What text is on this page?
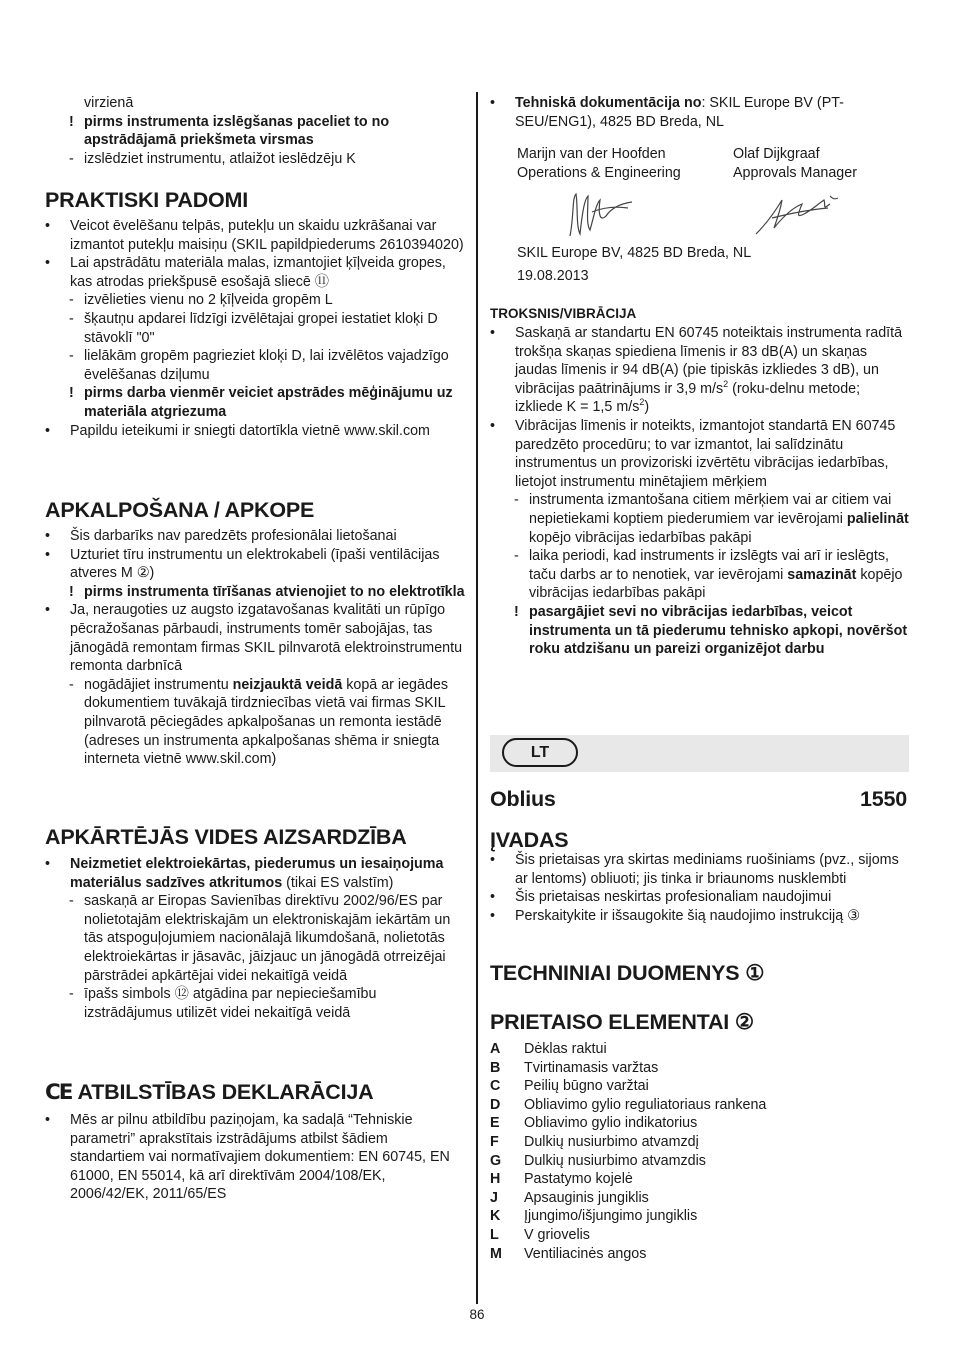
virzienā
! pirms instrumenta izslēgšanas paceliet to no apstrādājamā priekšmeta virsmas
- izslēdziet instrumentu, atlaižot ieslēdzēju K
PRAKTISKI PADOMI
• Veicot ēvelēšanu telpās, putekļu un skaidu uzkrāšanai var izmantot putekļu maisiņu (SKIL papildpiederums 2610394020)
• Lai apstrādātu materiāla malas, izmantojiet ķīļveida gropes, kas atrodas priekšpusē esošajā sliecē ⑪
- izvēlieties vienu no 2 ķīļveida gropēm L
- šķautņu apdarei līdzīgi izvēlētajai gropei iestatiet kloķi D stāvoklī "0"
- lielākām gropēm pagrieziet kloķi D, lai izvēlētos vajadzīgo ēvelēšanas dziļumu
! pirms darba vienmēr veiciet apstrādes mēģinājumu uz materiāla atgriezuma
• Papildu ieteikumi ir sniegti datortīkla vietnē www.skil.com
APKALPOŠANA / APKOPE
• Šis darbarīks nav paredzēts profesionālai lietošanai
• Uzturiet tīru instrumentu un elektrokabeli (īpaši ventilācijas atveres M ②)
! pirms instrumenta tīrīšanas atvienojiet to no elektrotīkla
• Ja, neraugoties uz augsto izgatavošanas kvalitāti un rūpīgo pēcražošanas pārbaudi, instruments tomēr sabojājas, tas jānogādā remontam firmas SKIL pilnvarotā elektroinstrumentu remonta darbnīcā
- nogādājiet instrumentu neizjauktā veidā kopā ar iegādes dokumentiem tuvākajā tirdzniecības vietā vai firmas SKIL pilnvarotā pēciegādes apkalpošanas un remonta iestādē (adreses un instrumenta apkalpošanas shēma ir sniegta interneta vietnē www.skil.com)
APKĀRTĒJĀS VIDES AIZSARDZĪBA
• Neizmetiet elektroiekārtas, piederumus un iesaiņojuma materiālus sadzīves atkritumos (tikai ES valstīm)
- saskaņā ar Eiropas Savienības direktīvu 2002/96/ES par nolietotajām elektriskajām un elektroniskajām iekārtām un tās atspoguļojumiem nacionālajā likumdošanā, nolietotās elektroiekārtas ir jāsavāc, jāizjauc un jānogādā otrreizējai pārstrādei apkārtējai videi nekaitīgā veidā
- īpašs simbols ⑫ atgādina par nepieciešamību izstrādājumus utilizēt videi nekaitīgā veidā
CE ATBILSTĪBAS DEKLARĀCIJA
• Mēs ar pilnu atbildību paziņojam, ka sadaļā “Tehniskie parametri” aprakstītais izstrādājums atbilst šādiem standartiem vai normatīvajiem dokumentiem: EN 60745, EN 61000, EN 55014, kā arī direktīvām 2004/108/EK, 2006/42/EK, 2011/65/ES
• Tehniskā dokumentācija no: SKIL Europe BV (PT-SEU/ENG1), 4825 BD Breda, NL
Marijn van der Hoofden
Operations & Engineering
Olaf Dijkgraaf
Approvals Manager
SKIL Europe BV, 4825 BD Breda, NL
19.08.2013
TROKSNIS/VIBRĀCIJA
• Saskaņā ar standartu EN 60745 noteiktais instrumenta radītā trokšņa skaņas spiediena līmenis ir 83 dB(A) un skaņas jaudas līmenis ir 94 dB(A) (pie tipiskās izkliedes 3 dB), un vibrācijas paātrinājums ir 3,9 $m/s^2$ (roku-delnu metode; izkliede K = 1,5 $m/s^2$)
• Vibrācijas līmenis ir noteikts, izmantojot standartā EN 60745 paredzēto procedūru; to var izmantot, lai salīdzinātu instrumentus un provizoriski izvērtētu vibrācijas iedarbības, lietojot instrumentu minētajiem mērķiem
- instrumenta izmantošana citiem mērķiem vai ar citiem vai nepietiekami koptiem piederumiem var ievērojami palielināt kopējo vibrācijas iedarbības pakāpi
- laika periodi, kad instruments ir izslēgts vai arī ir ieslēgts, taču darbs ar to nenotiek, var ievērojami samazināt kopējo vibrācijas iedarbības pakāpi
! pasargājiet sevi no vibrācijas iedarbības, veicot instrumenta un tā piederumu tehnisko apkopi, novēršot roku atdzišanu un pareizi organizējot darbu
LT
Oblius	1550
ĮVADAS
• Šis prietaisas yra skirtas mediniams ruošiniams (pvz., sijoms ar lentoms) obliuoti; jis tinka ir briaunoms nusklembti
• Šis prietaisas neskirtas profesionaliam naudojimui
• Perskaitykite ir išsaugokite šią naudojimo instrukciją ③
TECHNINIAI DUOMENYS ①
PRIETAISO ELEMENTAI ②
A Dėklas raktui
B Tvirtinamasis varžtas
C Peilių būgno varžtai
D Obliavimo gylio reguliatoriaus rankena
E Obliavimo gylio indikatorius
F Dulkių nusiurbimo atvamzdį
G Dulkių nusiurbimo atvamzdis
H Pastatymo kojelė
J Apsauginis jungiklis
K Įjungimo/išjungimo jungiklis
L V griovelis
M Ventiliacinės angos
86
